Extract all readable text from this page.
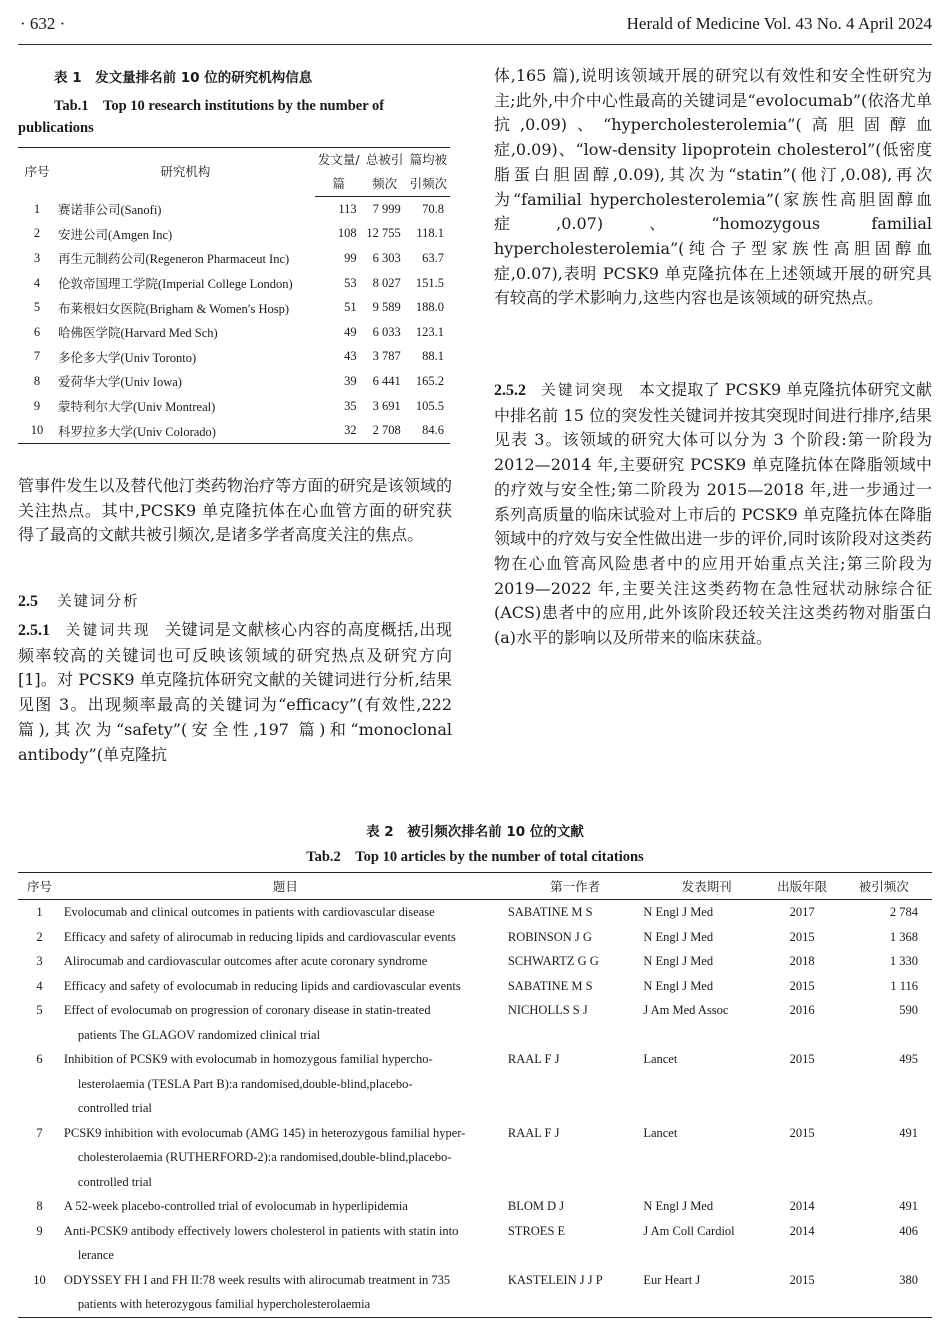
· 632 ·	Herald of Medicine Vol. 43 No. 4 April 2024
表 1　发文量排名前 10 位的研究机构信息
Tab.1　Top 10 research institutions by the number of
publications
序号	研究机构	发文量/	总被引	篇均被
		篇	频次	引频次
1	赛诺菲公司(Sanofi)	113	7 999	70.8
2	安进公司(Amgen Inc)	108	12 755	118.1
3	再生元制药公司(Regeneron Pharmaceut Inc)	99	6 303	63.7
4	伦敦帝国理工学院(Imperial College London)	53	8 027	151.5
5	布莱根妇女医院(Brigham & Women′s Hosp)	51	9 589	188.0
6	哈佛医学院(Harvard Med Sch)	49	6 033	123.1
7	多伦多大学(Univ Toronto)	43	3 787	88.1
8	爱荷华大学(Univ Iowa)	39	6 441	165.2
9	蒙特利尔大学(Univ Montreal)	35	3 691	105.5
10	科罗拉多大学(Univ Colorado)	32	2 708	84.6

管事件发生以及替代他汀类药物治疗等方面的研究是该领域的关注热点。其中,PCSK9 单克隆抗体在心血管方面的研究获得了最高的文献共被引频次,是诸多学者高度关注的焦点。

2.5 关键词分析

2.5.1 关键词共现 关键词是文献核心内容的高度概括,出现频率较高的关键词也可反映该领域的研究热点及研究方向[1]。对 PCSK9 单克隆抗体研究文献的关键词进行分析,结果见图 3。出现频率最高的关键词为“efficacy”(有效性,222 篇),其次为“safety”(安全性,197 篇)和“monoclonal antibody”(单克隆抗

体,165 篇),说明该领域开展的研究以有效性和安全性研究为主;此外,中介中心性最高的关键词是“evolocumab”(依洛尤单抗,0.09)、“hypercholesterolemia”(高胆固醇血症,0.09)、“low-density lipoprotein cholesterol”(低密度脂蛋白胆固醇,0.09),其次为“statin”(他汀,0.08),再次为“familial hypercholesterolemia”(家族性高胆固醇血症,0.07)、“homozygous familial hypercholesterolemia”(纯合子型家族性高胆固醇血症,0.07),表明 PCSK9 单克隆抗体在上述领域开展的研究具有较高的学术影响力,这些内容也是该领域的研究热点。

2.5.2 关键词突现 本文提取了 PCSK9 单克隆抗体研究文献中排名前 15 位的突发性关键词并按其突现时间进行排序,结果见表 3。该领域的研究大体可以分为 3 个阶段:第一阶段为 2012—2014 年,主要研究 PCSK9 单克隆抗体在降脂领域中的疗效与安全性;第二阶段为 2015—2018 年,进一步通过一系列高质量的临床试验对上市后的 PCSK9 单克隆抗体在降脂领域中的疗效与安全性做出进一步的评价,同时该阶段对这类药物在心血管高风险患者中的应用开始重点关注;第三阶段为 2019—2022 年,主要关注这类药物在急性冠状动脉综合征(ACS)患者中的应用,此外该阶段还较关注这类药物对脂蛋白(a)水平的影响以及所带来的临床获益。

表 2　被引频次排名前 10 位的文献
Tab.2　Top 10 articles by the number of total citations
序号	题目	第一作者	发表期刊	出版年限	被引频次
1	Evolocumab and clinical outcomes in patients with cardiovascular disease	SABATINE M S	N Engl J Med	2017	2 784
2	Efficacy and safety of alirocumab in reducing lipids and cardiovascular events	ROBINSON J G	N Engl J Med	2015	1 368
3	Alirocumab and cardiovascular outcomes after acute coronary syndrome	SCHWARTZ G G	N Engl J Med	2018	1 330
4	Efficacy and safety of evolocumab in reducing lipids and cardiovascular events	SABATINE M S	N Engl J Med	2015	1 116
5	Effect of evolocumab on progression of coronary disease in statin-treated
patients The GLAGOV randomized clinical trial	NICHOLLS S J	J Am Med Assoc	2016	590
6	Inhibition of PCSK9 with evolocumab in homozygous familial hypercho-
lesterolaemia (TESLA Part B):a randomised,double-blind,placebo-
controlled trial	RAAL F J	Lancet	2015	495
7	PCSK9 inhibition with evolocumab (AMG 145) in heterozygous familial hyper-
cholesterolaemia (RUTHERFORD-2):a randomised,double-blind,placebo-
controlled trial	RAAL F J	Lancet	2015	491
8	A 52-week placebo-controlled trial of evolocumab in hyperlipidemia	BLOM D J	N Engl J Med	2014	491
9	Anti-PCSK9 antibody effectively lowers cholesterol in patients with statin into
lerance	STROES E	J Am Coll Cardiol	2014	406
10	ODYSSEY FH I and FH II:78 week results with alirocumab treatment in 735
patients with heterozygous familial hypercholesterolaemia	KASTELEIN J J P	Eur Heart J	2015	380
